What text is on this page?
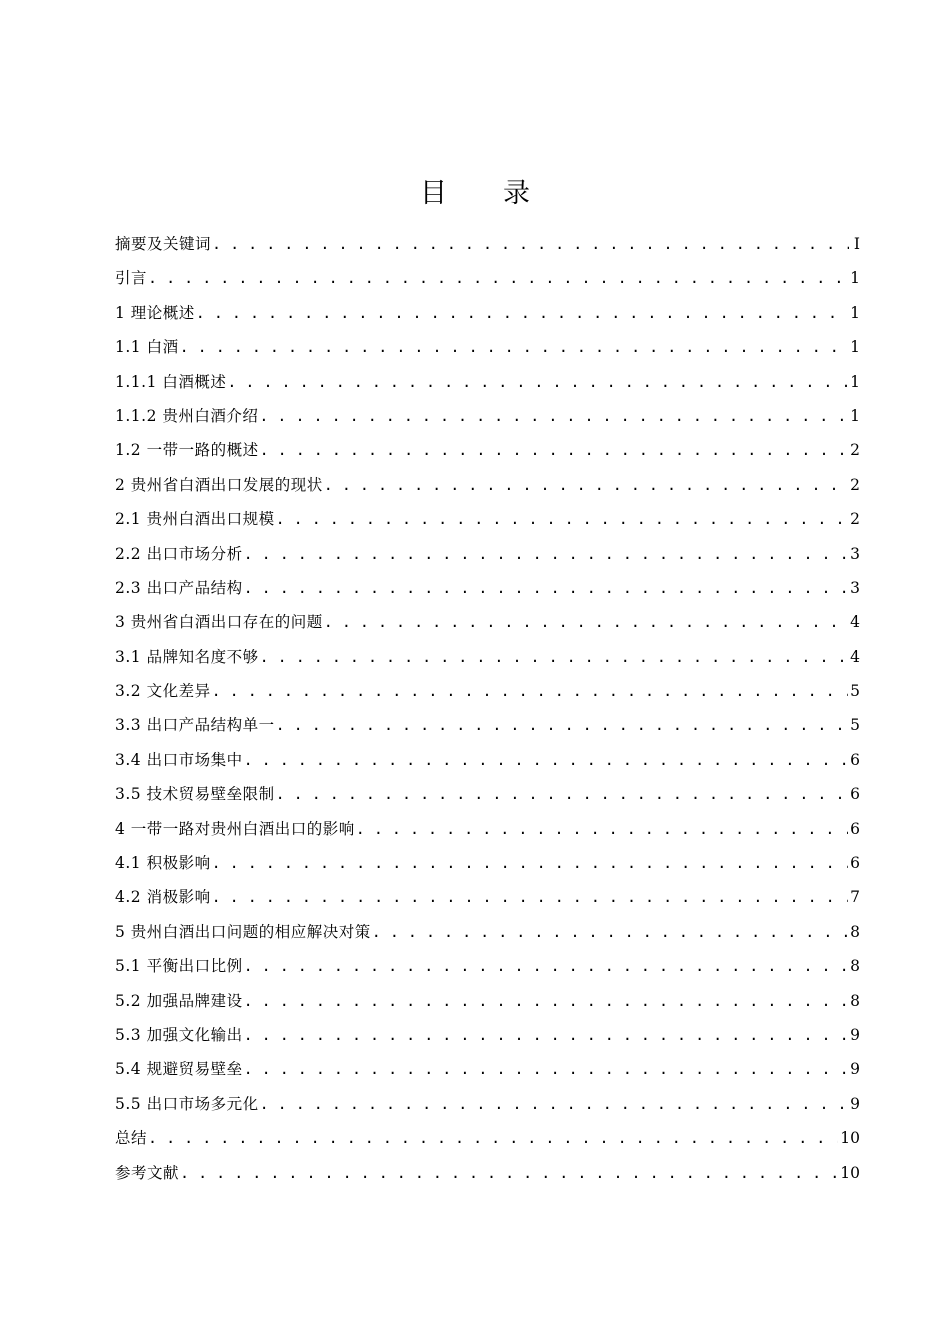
目 录
摘要及关键词 . . .	I
引言 . . .	1
1 理论概述 . . .	1
1.1 白酒 . . .	1
1.1.1 白酒概述 . . .	1
1.1.2 贵州白酒介绍 . . .	1
1.2 一带一路的概述 . . .	2
2 贵州省白酒出口发展的现状 . . .	2
2.1 贵州白酒出口规模 . . .	2
2.2 出口市场分析 . . .	3
2.3 出口产品结构 . . .	3
3 贵州省白酒出口存在的问题 . . .	4
3.1 品牌知名度不够 . . .	4
3.2 文化差异 . . .	5
3.3 出口产品结构单一 . . .	5
3.4 出口市场集中 . . .	6
3.5 技术贸易壁垒限制 . . .	6
4 一带一路对贵州白酒出口的影响 . . .	6
4.1 积极影响 . . .	6
4.2 消极影响 . . .	7
5 贵州白酒出口问题的相应解决对策 . . .	8
5.1 平衡出口比例 . . .	8
5.2 加强品牌建设 . . .	8
5.3 加强文化输出 . . .	9
5.4 规避贸易壁垒 . . .	9
5.5 出口市场多元化 . . .	9
总结 . . .	10
参考文献 . . .	10
